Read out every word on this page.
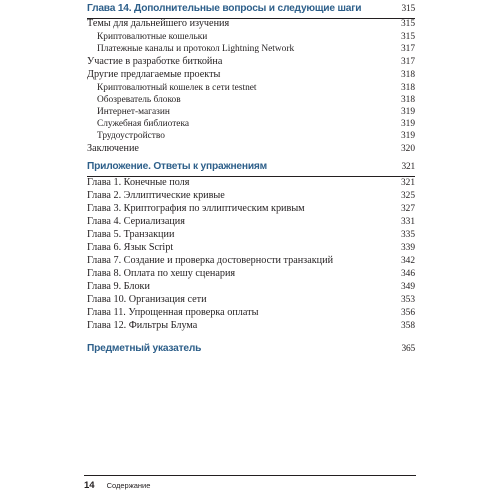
Глава 14. Дополнительные вопросы и следующие шаги	315
Темы для дальнейшего изучения	315
Криптовалютные кошельки	315
Платежные каналы и протокол Lightning Network	317
Участие в разработке биткойна	317
Другие предлагаемые проекты	318
Криптовалютный кошелек в сети testnet	318
Обозреватель блоков	318
Интернет-магазин	319
Служебная библиотека	319
Трудоустройство	319
Заключение	320
Приложение. Ответы к упражнениям	321
Глава 1. Конечные поля	321
Глава 2. Эллиптические кривые	325
Глава 3. Криптография по эллиптическим кривым	327
Глава 4. Сериализация	331
Глава 5. Транзакции	335
Глава 6. Язык Script	339
Глава 7. Создание и проверка достоверности транзакций	342
Глава 8. Оплата по хешу сценария	346
Глава 9. Блоки	349
Глава 10. Организация сети	353
Глава 11. Упрощенная проверка оплаты	356
Глава 12. Фильтры Блума	358
Предметный указатель	365
14 Содержание
